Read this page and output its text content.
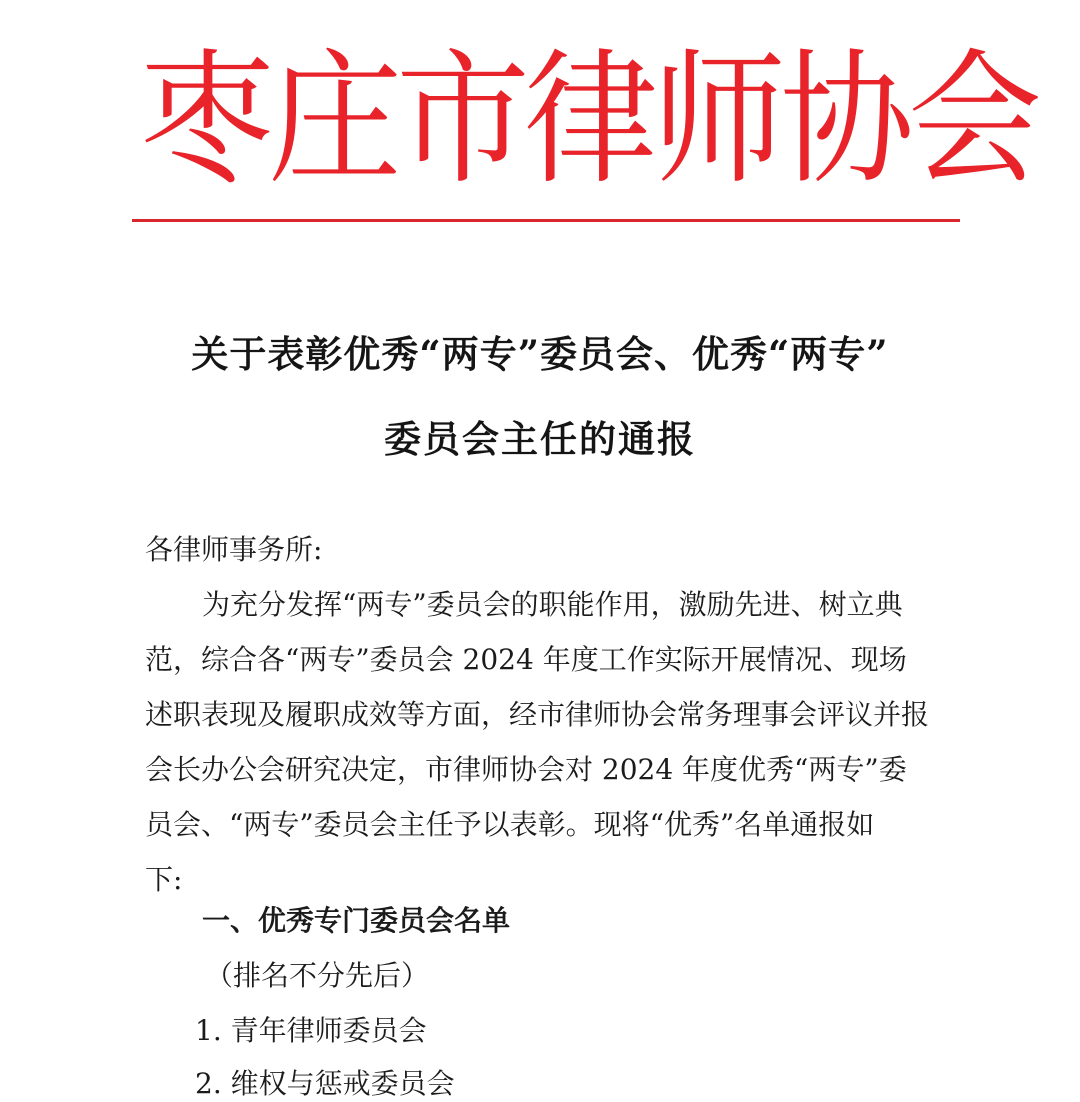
枣庄市律师协会
关于表彰优秀“两专”委员会、优秀“两专”
委员会主任的通报
各律师事务所:
为充分发挥“两专”委员会的职能作用，激励先进、树立典
范，综合各“两专”委员会 2024 年度工作实际开展情况、现场
述职表现及履职成效等方面，经市律师协会常务理事会评议并报
会长办公会研究决定，市律师协会对 2024 年度优秀“两专”委
员会、“两专”委员会主任予以表彰。现将“优秀”名单通报如
下:
一、优秀专门委员会名单
（排名不分先后）
1. 青年律师委员会
2. 维权与惩戒委员会
